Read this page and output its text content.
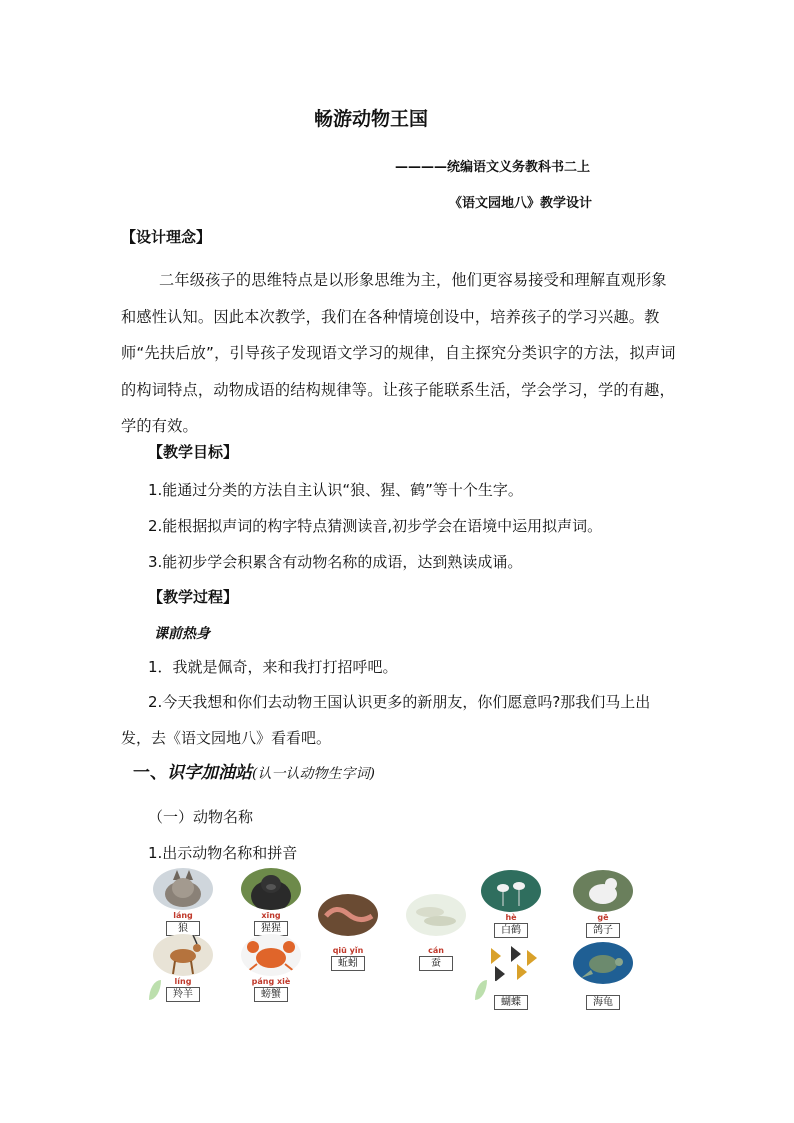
畅游动物王国
————统编语文义务教科书二上
《语文园地八》教学设计
【设计理念】
二年级孩子的思维特点是以形象思维为主，他们更容易接受和理解直观形象和感性认知。因此本次教学，我们在各种情境创设中，培养孩子的学习兴趣。教师“先扶后放”，引导孩子发现语文学习的规律，自主探究分类识字的方法，拟声词的构词特点，动物成语的结构规律等。让孩子能联系生活，学会学习，学的有趣，学的有效。
【教学目标】
1.能通过分类的方法自主认识“狼、猩、鹤”等十个生字。
2.能根据拟声词的构字特点猜测读音,初步学会在语境中运用拟声词。
3.能初步学会积累含有动物名称的成语，达到熟读成诵。
【教学过程】
课前热身
1．我就是佩奇，来和我打打招呼吧。
2.今天我想和你们去动物王国认识更多的新朋友，你们愿意吗?那我们马上出
发，去《语文园地八》看看吧。
一、识字加油站(认一认动物生字词)
（一）动物名称
1.出示动物名称和拼音
láng
狼
xīng
猩猩
líng
羚羊
páng xiè
螃蟹
qiū yǐn
蚯蚓
cán
蚕
hè
白鹤
gē
鸽子
蝴蝶	海龟
